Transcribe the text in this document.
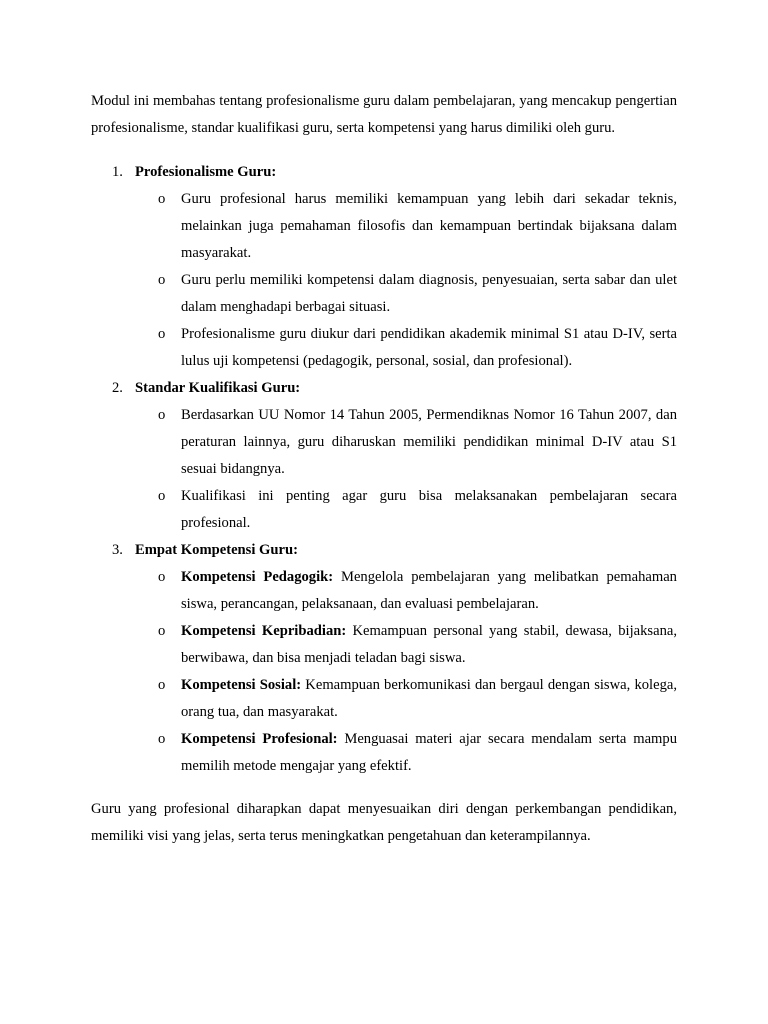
Modul ini membahas tentang profesionalisme guru dalam pembelajaran, yang mencakup pengertian profesionalisme, standar kualifikasi guru, serta kompetensi yang harus dimiliki oleh guru.

1. Profesionalisme Guru:
o Guru profesional harus memiliki kemampuan yang lebih dari sekadar teknis, melainkan juga pemahaman filosofis dan kemampuan bertindak bijaksana dalam masyarakat.
o Guru perlu memiliki kompetensi dalam diagnosis, penyesuaian, serta sabar dan ulet dalam menghadapi berbagai situasi.
o Profesionalisme guru diukur dari pendidikan akademik minimal S1 atau D-IV, serta lulus uji kompetensi (pedagogik, personal, sosial, dan profesional).
2. Standar Kualifikasi Guru:
o Berdasarkan UU Nomor 14 Tahun 2005, Permendiknas Nomor 16 Tahun 2007, dan peraturan lainnya, guru diharuskan memiliki pendidikan minimal D-IV atau S1 sesuai bidangnya.
o Kualifikasi ini penting agar guru bisa melaksanakan pembelajaran secara profesional.
3. Empat Kompetensi Guru:
o Kompetensi Pedagogik: Mengelola pembelajaran yang melibatkan pemahaman siswa, perancangan, pelaksanaan, dan evaluasi pembelajaran.
o Kompetensi Kepribadian: Kemampuan personal yang stabil, dewasa, bijaksana, berwibawa, dan bisa menjadi teladan bagi siswa.
o Kompetensi Sosial: Kemampuan berkomunikasi dan bergaul dengan siswa, kolega, orang tua, dan masyarakat.
o Kompetensi Profesional: Menguasai materi ajar secara mendalam serta mampu memilih metode mengajar yang efektif.

Guru yang profesional diharapkan dapat menyesuaikan diri dengan perkembangan pendidikan, memiliki visi yang jelas, serta terus meningkatkan pengetahuan dan keterampilannya.
